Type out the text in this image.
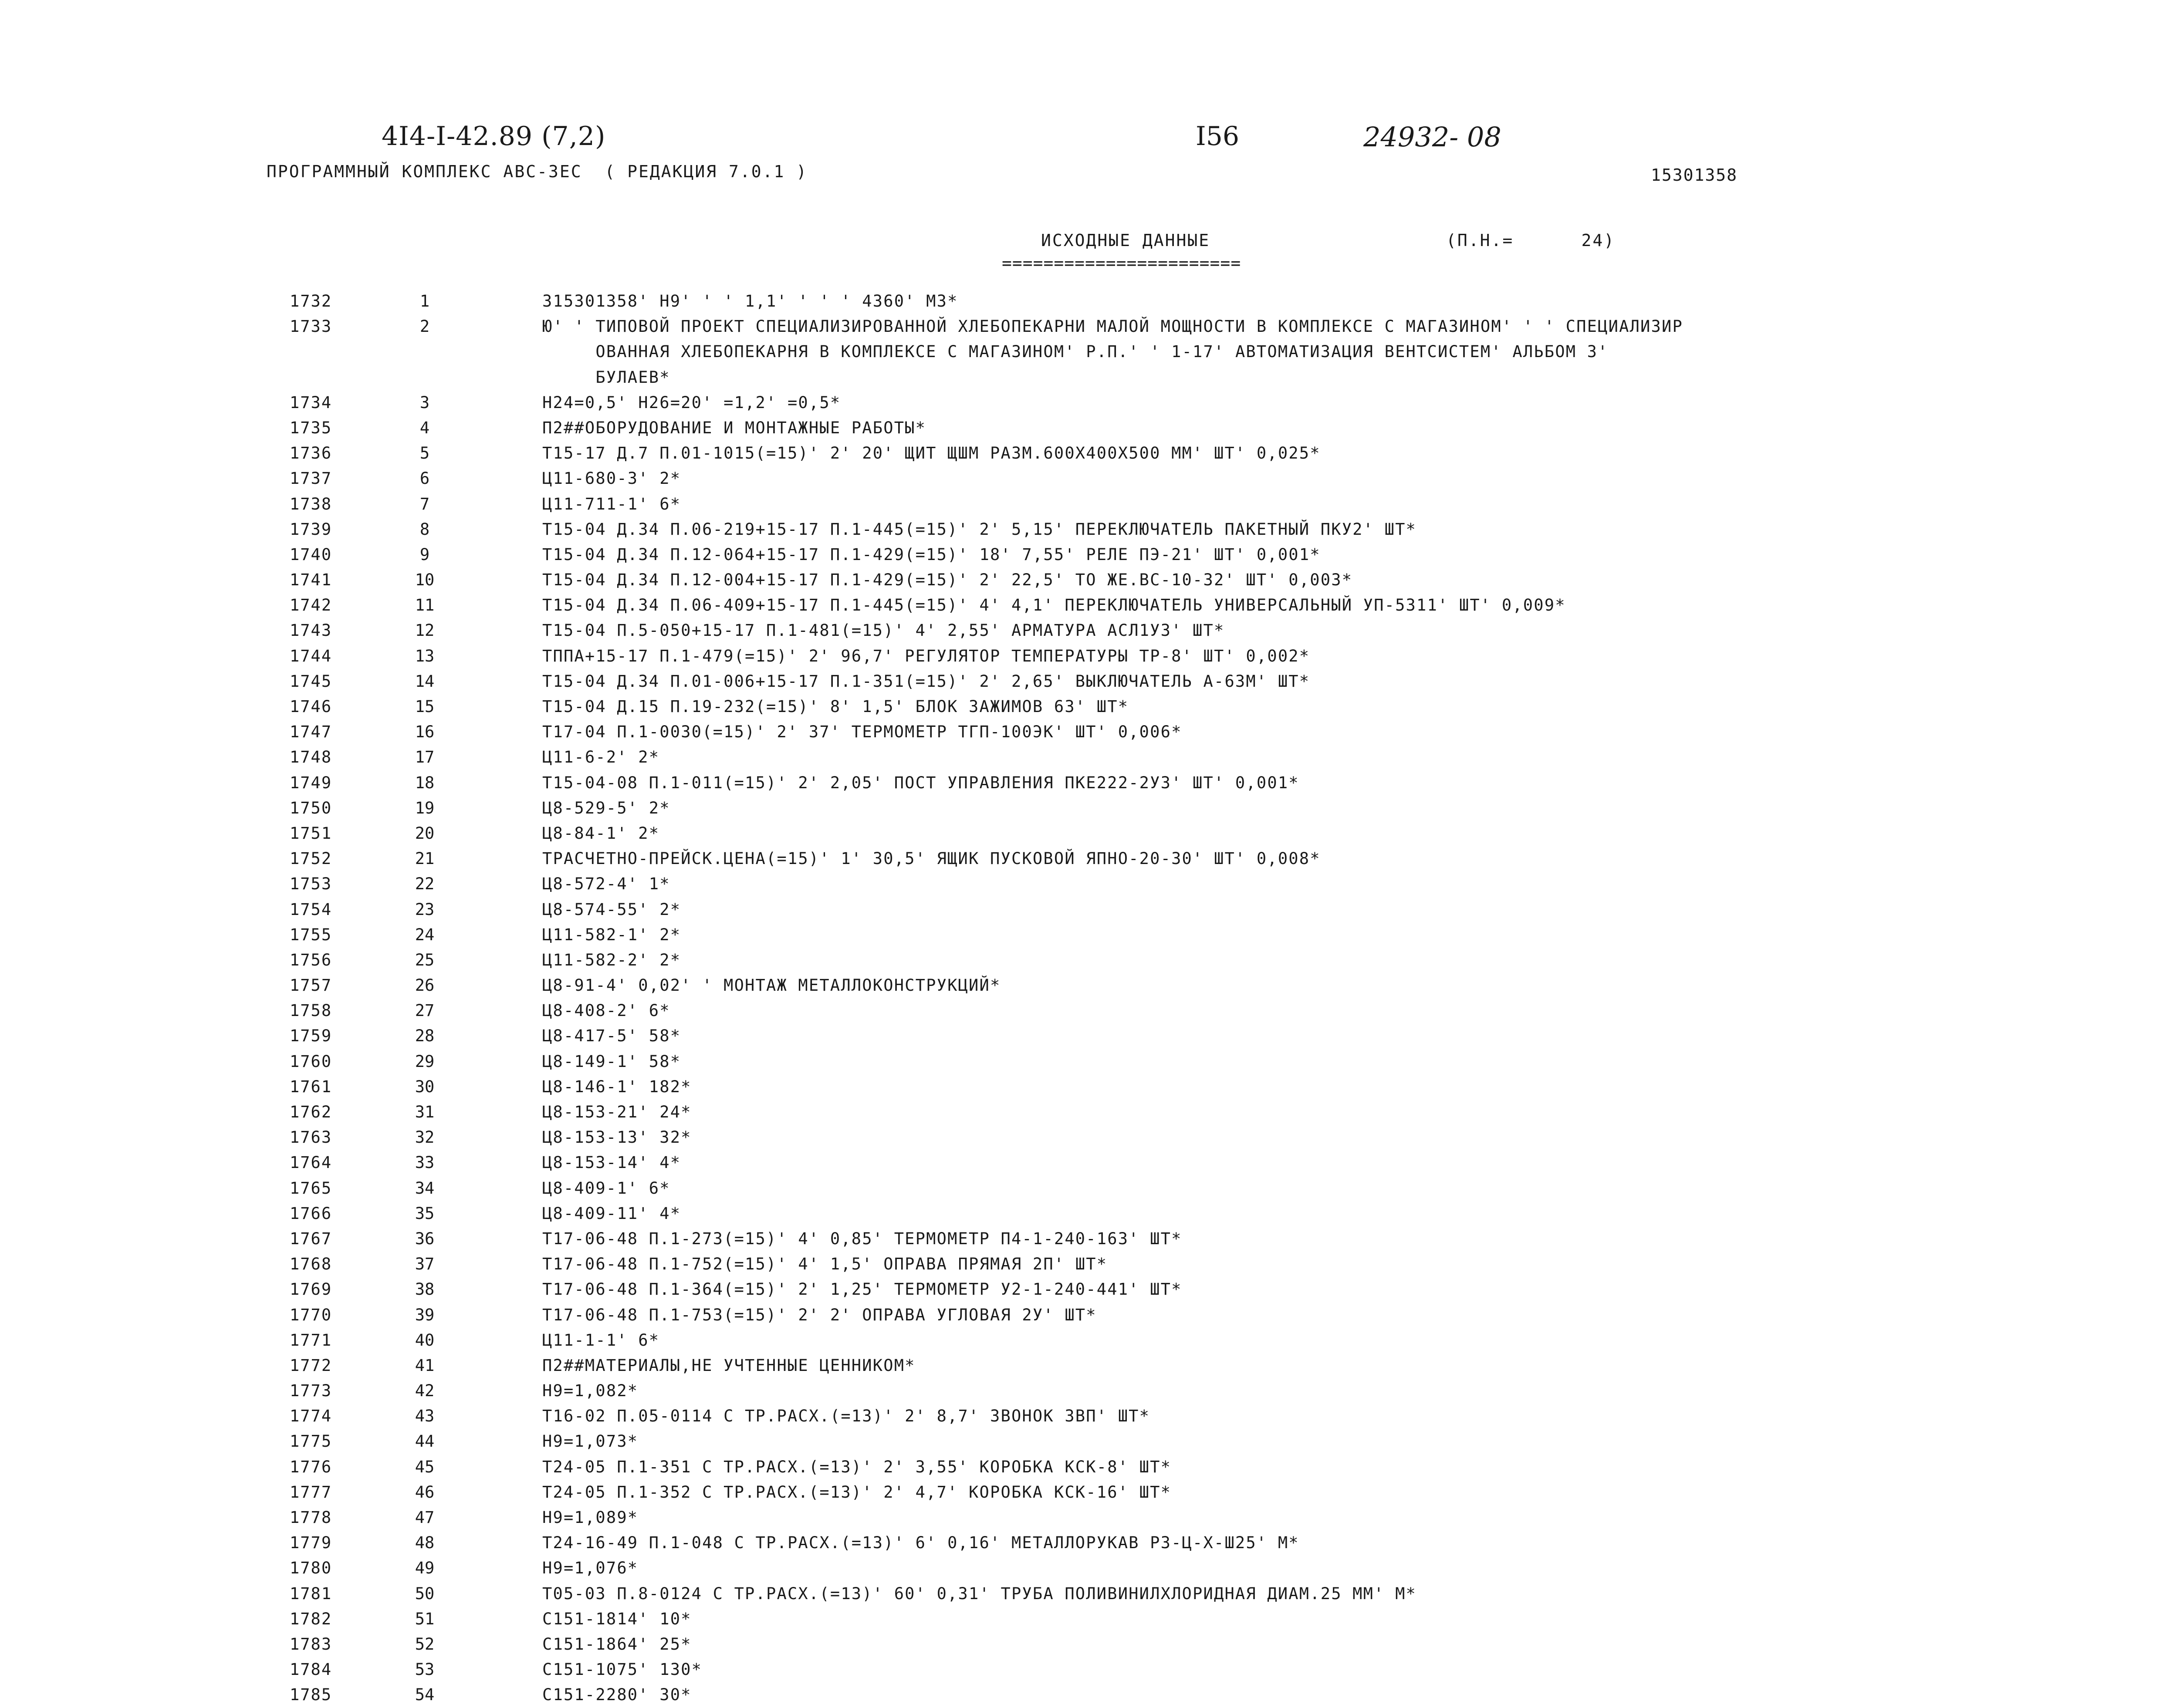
4I4-I-42.89 (7,2)	I56	24932- 08
ПРОГРАММНЫЙ КОМПЛЕКС АВС-3ЕС  ( РЕДАКЦИЯ 7.0.1 )	15301358
ИСХОДНЫЕ ДАННЫЕ	(П.Н.=      24)
=======================
1732	1	315301358' Н9' ' ' 1,1' ' ' ' 4360' М3*
1733	2	Ю' ' ТИПОВОЙ ПРОЕКТ СПЕЦИАЛИЗИРОВАННОЙ ХЛЕБОПЕКАРНИ МАЛОЙ МОЩНОСТИ В КОМПЛЕКСЕ С МАГАЗИНОМ' ' ' СПЕЦИАЛИЗИР
ОВАННАЯ ХЛЕБОПЕКАРНЯ В КОМПЛЕКСЕ С МАГАЗИНОМ' Р.П.' ' 1-17' АВТОМАТИЗАЦИЯ ВЕНТСИСТЕМ' АЛЬБОМ 3'
БУЛАЕВ*
1734	3	Н24=0,5' Н26=20' =1,2' =0,5*
1735	4	П2##ОБОРУДОВАНИЕ И МОНТАЖНЫЕ РАБОТЫ*
1736	5	Т15-17 Д.7 П.01-1015(=15)' 2' 20' ЩИТ ЩШМ РАЗМ.600Х400Х500 ММ' ШТ' 0,025*
1737	6	Ц11-680-3' 2*
1738	7	Ц11-711-1' 6*
1739	8	Т15-04 Д.34 П.06-219+15-17 П.1-445(=15)' 2' 5,15' ПЕРЕКЛЮЧАТЕЛЬ ПАКЕТНЫЙ ПКУ2' ШТ*
1740	9	Т15-04 Д.34 П.12-064+15-17 П.1-429(=15)' 18' 7,55' РЕЛЕ ПЭ-21' ШТ' 0,001*
1741	10	Т15-04 Д.34 П.12-004+15-17 П.1-429(=15)' 2' 22,5' ТО ЖЕ.ВС-10-32' ШТ' 0,003*
1742	11	Т15-04 Д.34 П.06-409+15-17 П.1-445(=15)' 4' 4,1' ПЕРЕКЛЮЧАТЕЛЬ УНИВЕРСАЛЬНЫЙ УП-5311' ШТ' 0,009*
1743	12	Т15-04 П.5-050+15-17 П.1-481(=15)' 4' 2,55' АРМАТУРА АСЛ1У3' ШТ*
1744	13	ТППА+15-17 П.1-479(=15)' 2' 96,7' РЕГУЛЯТОР ТЕМПЕРАТУРЫ ТР-8' ШТ' 0,002*
1745	14	Т15-04 Д.34 П.01-006+15-17 П.1-351(=15)' 2' 2,65' ВЫКЛЮЧАТЕЛЬ А-63М' ШТ*
1746	15	Т15-04 Д.15 П.19-232(=15)' 8' 1,5' БЛОК ЗАЖИМОВ 63' ШТ*
1747	16	Т17-04 П.1-0030(=15)' 2' 37' ТЕРМОМЕТР ТГП-100ЭК' ШТ' 0,006*
1748	17	Ц11-6-2' 2*
1749	18	Т15-04-08 П.1-011(=15)' 2' 2,05' ПОСТ УПРАВЛЕНИЯ ПКЕ222-2У3' ШТ' 0,001*
1750	19	Ц8-529-5' 2*
1751	20	Ц8-84-1' 2*
1752	21	ТРАСЧЕТНО-ПРЕЙСК.ЦЕНА(=15)' 1' 30,5' ЯЩИК ПУСКОВОЙ ЯПНО-20-30' ШТ' 0,008*
1753	22	Ц8-572-4' 1*
1754	23	Ц8-574-55' 2*
1755	24	Ц11-582-1' 2*
1756	25	Ц11-582-2' 2*
1757	26	Ц8-91-4' 0,02' ' МОНТАЖ МЕТАЛЛОКОНСТРУКЦИЙ*
1758	27	Ц8-408-2' 6*
1759	28	Ц8-417-5' 58*
1760	29	Ц8-149-1' 58*
1761	30	Ц8-146-1' 182*
1762	31	Ц8-153-21' 24*
1763	32	Ц8-153-13' 32*
1764	33	Ц8-153-14' 4*
1765	34	Ц8-409-1' 6*
1766	35	Ц8-409-11' 4*
1767	36	Т17-06-48 П.1-273(=15)' 4' 0,85' ТЕРМОМЕТР П4-1-240-163' ШТ*
1768	37	Т17-06-48 П.1-752(=15)' 4' 1,5' ОПРАВА ПРЯМАЯ 2П' ШТ*
1769	38	Т17-06-48 П.1-364(=15)' 2' 1,25' ТЕРМОМЕТР У2-1-240-441' ШТ*
1770	39	Т17-06-48 П.1-753(=15)' 2' 2' ОПРАВА УГЛОВАЯ 2У' ШТ*
1771	40	Ц11-1-1' 6*
1772	41	П2##МАТЕРИАЛЫ,НЕ УЧТЕННЫЕ ЦЕННИКОМ*
1773	42	Н9=1,082*
1774	43	Т16-02 П.05-0114 С ТР.РАСХ.(=13)' 2' 8,7' ЗВОНОК ЗВП' ШТ*
1775	44	Н9=1,073*
1776	45	Т24-05 П.1-351 С ТР.РАСХ.(=13)' 2' 3,55' КОРОБКА КСК-8' ШТ*
1777	46	Т24-05 П.1-352 С ТР.РАСХ.(=13)' 2' 4,7' КОРОБКА КСК-16' ШТ*
1778	47	Н9=1,089*
1779	48	Т24-16-49 П.1-048 С ТР.РАСХ.(=13)' 6' 0,16' МЕТАЛЛОРУКАВ Р3-Ц-Х-Ш25' М*
1780	49	Н9=1,076*
1781	50	Т05-03 П.8-0124 С ТР.РАСХ.(=13)' 60' 0,31' ТРУБА ПОЛИВИНИЛХЛОРИДНАЯ ДИАМ.25 ММ' М*
1782	51	С151-1814' 10*
1783	52	С151-1864' 25*
1784	53	С151-1075' 130*
1785	54	С151-2280' 30*
